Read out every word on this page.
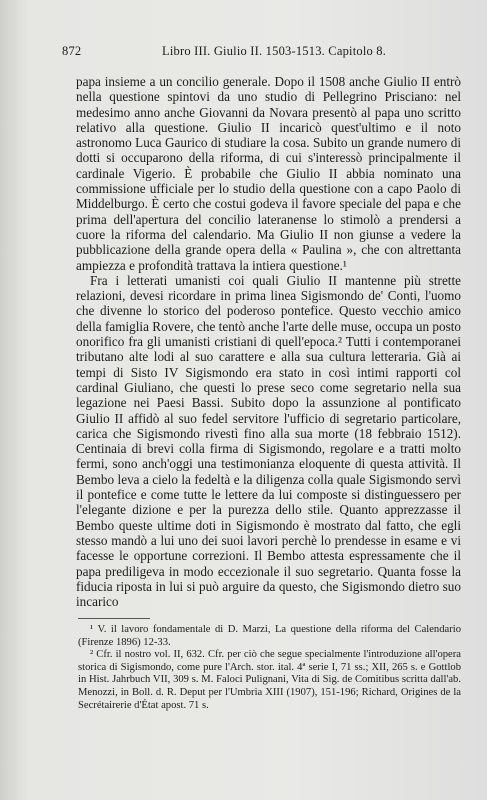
872	Libro III. Giulio II. 1503-1513. Capitolo 8.

papa insieme a un concilio generale. Dopo il 1508 anche Giulio II entrò nella questione spintovi da uno studio di Pellegrino Prisciano: nel medesimo anno anche Giovanni da Novara presentò al papa uno scritto relativo alla questione. Giulio II incaricò quest'ultimo e il noto astronomo Luca Gaurico di studiare la cosa. Subito un grande numero di dotti si occuparono della riforma, di cui s'interessò principalmente il cardinale Vigerio. È probabile che Giulio II abbia nominato una commissione ufficiale per lo studio della questione con a capo Paolo di Middelburgo. È certo che costui godeva il favore speciale del papa e che prima dell'apertura del concilio lateranense lo stimolò a prendersi a cuore la riforma del calendario. Ma Giulio II non giunse a vedere la pubblicazione della grande opera della « Paulina », che con altrettanta ampiezza e profondità trattava la intiera questione.¹

Fra i letterati umanisti coi quali Giulio II mantenne più strette relazioni, devesi ricordare in prima linea Sigismondo de' Conti, l'uomo che divenne lo storico del poderoso pontefice. Questo vecchio amico della famiglia Rovere, che tentò anche l'arte delle muse, occupa un posto onorifico fra gli umanisti cristiani di quell'epoca.² Tutti i contemporanei tributano alte lodi al suo carattere e alla sua cultura letteraria. Già ai tempi di Sisto IV Sigismondo era stato in così intimi rapporti col cardinal Giuliano, che questi lo prese seco come segretario nella sua legazione nei Paesi Bassi. Subito dopo la assunzione al pontificato Giulio II affidò al suo fedel servitore l'ufficio di segretario particolare, carica che Sigismondo rivestì fino alla sua morte (18 febbraio 1512). Centinaia di brevi colla firma di Sigismondo, regolare e a tratti molto fermi, sono anch'oggi una testimonianza eloquente di questa attività. Il Bembo leva a cielo la fedeltà e la diligenza colla quale Sigismondo servì il pontefice e come tutte le lettere da lui composte si distinguessero per l'elegante dizione e per la purezza dello stile. Quanto apprezzasse il Bembo queste ultime doti in Sigismondo è mostrato dal fatto, che egli stesso mandò a lui uno dei suoi lavori perchè lo prendesse in esame e vi facesse le opportune correzioni. Il Bembo attesta espressamente che il papa prediligeva in modo eccezionale il suo segretario. Quanta fosse la fiducia riposta in lui si può arguire da questo, che Sigismondo dietro suo incarico

¹ V. il lavoro fondamentale di D. Marzi, La questione della riforma del Calendario (Firenze 1896) 12-33.

² Cfr. il nostro vol. II, 632. Cfr. per ciò che segue specialmente l'introduzione all'opera storica di Sigismondo, come pure l'Arch. stor. ital. 4ª serie I, 71 ss.; XII, 265 s. e Gottlob in Hist. Jahrbuch VII, 309 s. M. Faloci Pulignani, Vita di Sig. de Comitibus scritta dall'ab. Menozzi, in Boll. d. R. Deput per l'Umbria XIII (1907), 151-196; Richard, Origines de la Secrétairerie d'État apost. 71 s.
